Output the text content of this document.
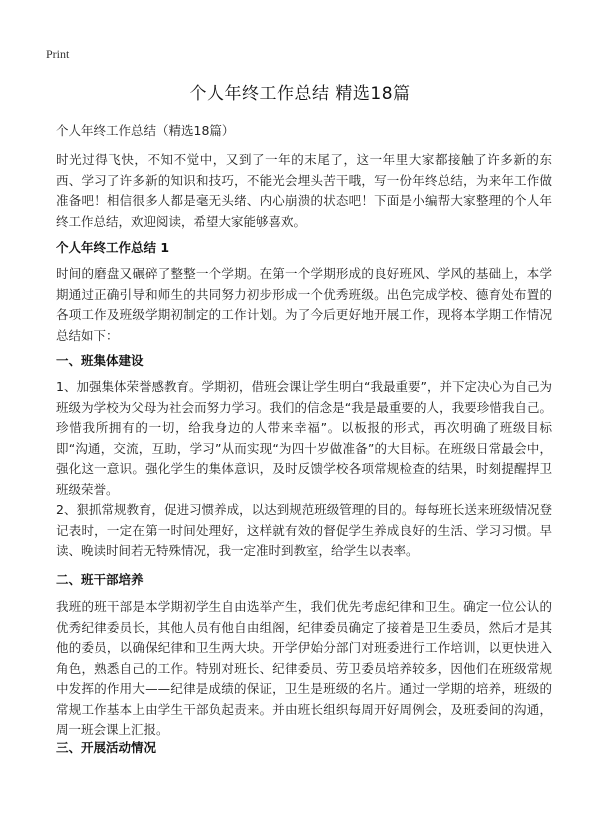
Print
个人年终工作总结 精选18篇
个人年终工作总结（精选18篇）

时光过得飞快，不知不觉中，又到了一年的末尾了，这一年里大家都接触了许多新的东西、学习了许多新的知识和技巧，不能光会埋头苦干哦，写一份年终总结，为来年工作做准备吧！相信很多人都是毫无头绪、内心崩溃的状态吧！下面是小编帮大家整理的个人年终工作总结，欢迎阅读，希望大家能够喜欢。

个人年终工作总结 1

时间的磨盘又碾碎了整整一个学期。在第一个学期形成的良好班风、学风的基础上，本学期通过正确引导和师生的共同努力初步形成一个优秀班级。出色完成学校、德育处布置的各项工作及班级学期初制定的工作计划。为了今后更好地开展工作，现将本学期工作情况总结如下：

一、班集体建设

1、加强集体荣誉感教育。学期初，借班会课让学生明白“我最重要”，并下定决心为自己为班级为学校为父母为社会而努力学习。我们的信念是“我是最重要的人，我要珍惜我自己。珍惜我所拥有的一切，给我身边的人带来幸福”。以板报的形式，再次明确了班级目标即“沟通，交流，互助，学习”从而实现“为四十岁做准备”的大目标。在班级日常最会中，强化这一意识。强化学生的集体意识，及时反馈学校各项常规检查的结果，时刻提醒捍卫班级荣誉。

2、狠抓常规教育，促进习惯养成，以达到规范班级管理的目的。每每班长送来班级情况登记表时，一定在第一时间处理好，这样就有效的督促学生养成良好的生活、学习习惯。早读、晚读时间若无特殊情况，我一定准时到教室，给学生以表率。

二、班干部培养

我班的班干部是本学期初学生自由选举产生，我们优先考虑纪律和卫生。确定一位公认的优秀纪律委员长，其他人员有他自由组阁，纪律委员确定了接着是卫生委员，然后才是其他的委员，以确保纪律和卫生两大块。开学伊始分部门对班委进行工作培训，以更快进入角色，熟悉自己的工作。特别对班长、纪律委员、劳卫委员培养较多，因他们在班级常规中发挥的作用大——纪律是成绩的保证，卫生是班级的名片。通过一学期的培养，班级的常规工作基本上由学生干部负起责来。并由班长组织每周开好周例会，及班委间的沟通，周一班会课上汇报。

三、开展活动情况
